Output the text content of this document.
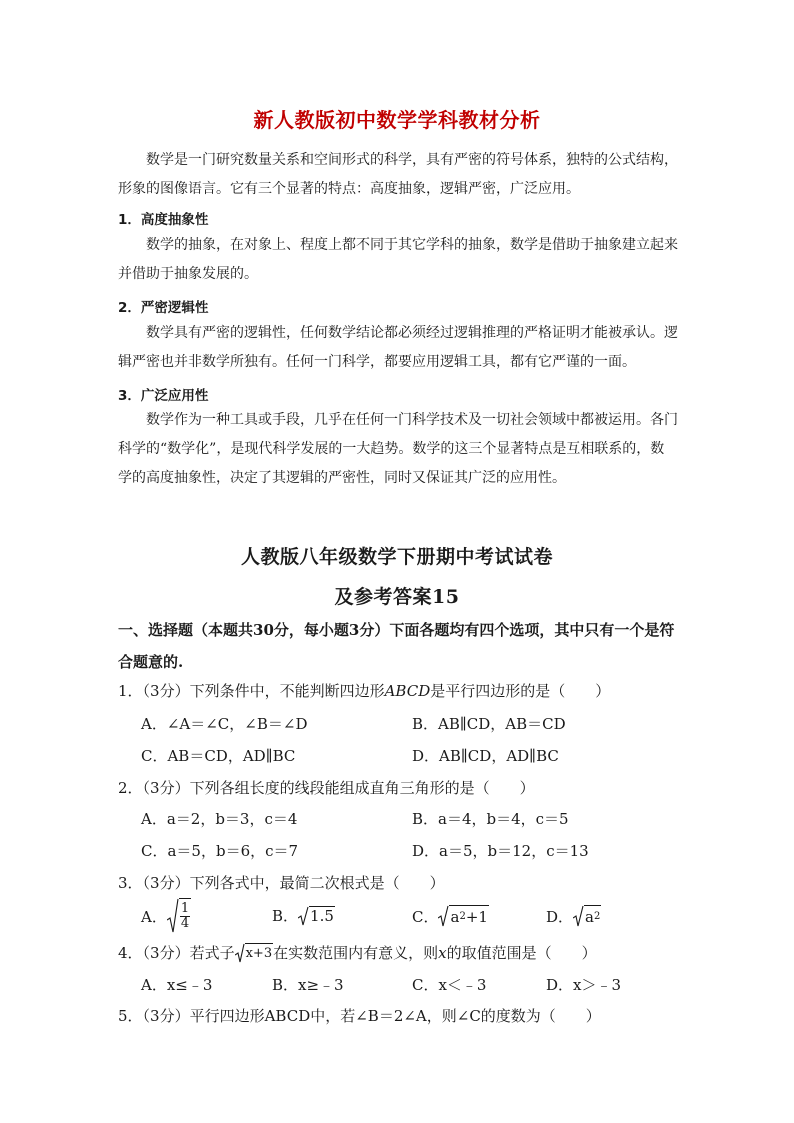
新人教版初中数学学科教材分析

数学是一门研究数量关系和空间形式的科学，具有严密的符号体系，独特的公式结构，形象的图像语言。它有三个显著的特点：高度抽象，逻辑严密，广泛应用。

1．高度抽象性

数学的抽象，在对象上、程度上都不同于其它学科的抽象，数学是借助于抽象建立起来并借助于抽象发展的。

2．严密逻辑性

数学具有严密的逻辑性，任何数学结论都必须经过逻辑推理的严格证明才能被承认。逻辑严密也并非数学所独有。任何一门科学，都要应用逻辑工具，都有它严谨的一面。

3．广泛应用性

数学作为一种工具或手段，几乎在任何一门科学技术及一切社会领域中都被运用。各门科学的“数学化”，是现代科学发展的一大趋势。数学的这三个显著特点是互相联系的，数学的高度抽象性，决定了其逻辑的严密性，同时又保证其广泛的应用性。

人教版八年级数学下册期中考试试卷

及参考答案15

一、选择题（本题共30分，每小题3分）下面各题均有四个选项，其中只有一个是符合题意的.

1．（3分）下列条件中，不能判断四边形ABCD是平行四边形的是（　　）

A．∠A＝∠C，∠B＝∠D	B．AB∥CD，AB＝CD

C．AB＝CD，AD∥BC	D．AB∥CD，AD∥BC

2．（3分）下列各组长度的线段能组成直角三角形的是（　　）

A．a＝2，b＝3，c＝4	B．a＝4，b＝4，c＝5

C．a＝5，b＝6，c＝7	D．a＝5，b＝12，c＝13

3．（3分）下列各式中，最简二次根式是（　　）

A． $\frac{1}{4}$	B． 1.5	C． a 2 +1	D． a 2
4．（3分）若式子 x+3 在实数范围内有意义，则 x 的取值范围是（　　）

A．x≤﹣3	B．x≥﹣3	C．x＜﹣3	D．x＞﹣3

5．（3分）平行四边形ABCD中，若∠B＝2∠A，则∠C的度数为（　　）
